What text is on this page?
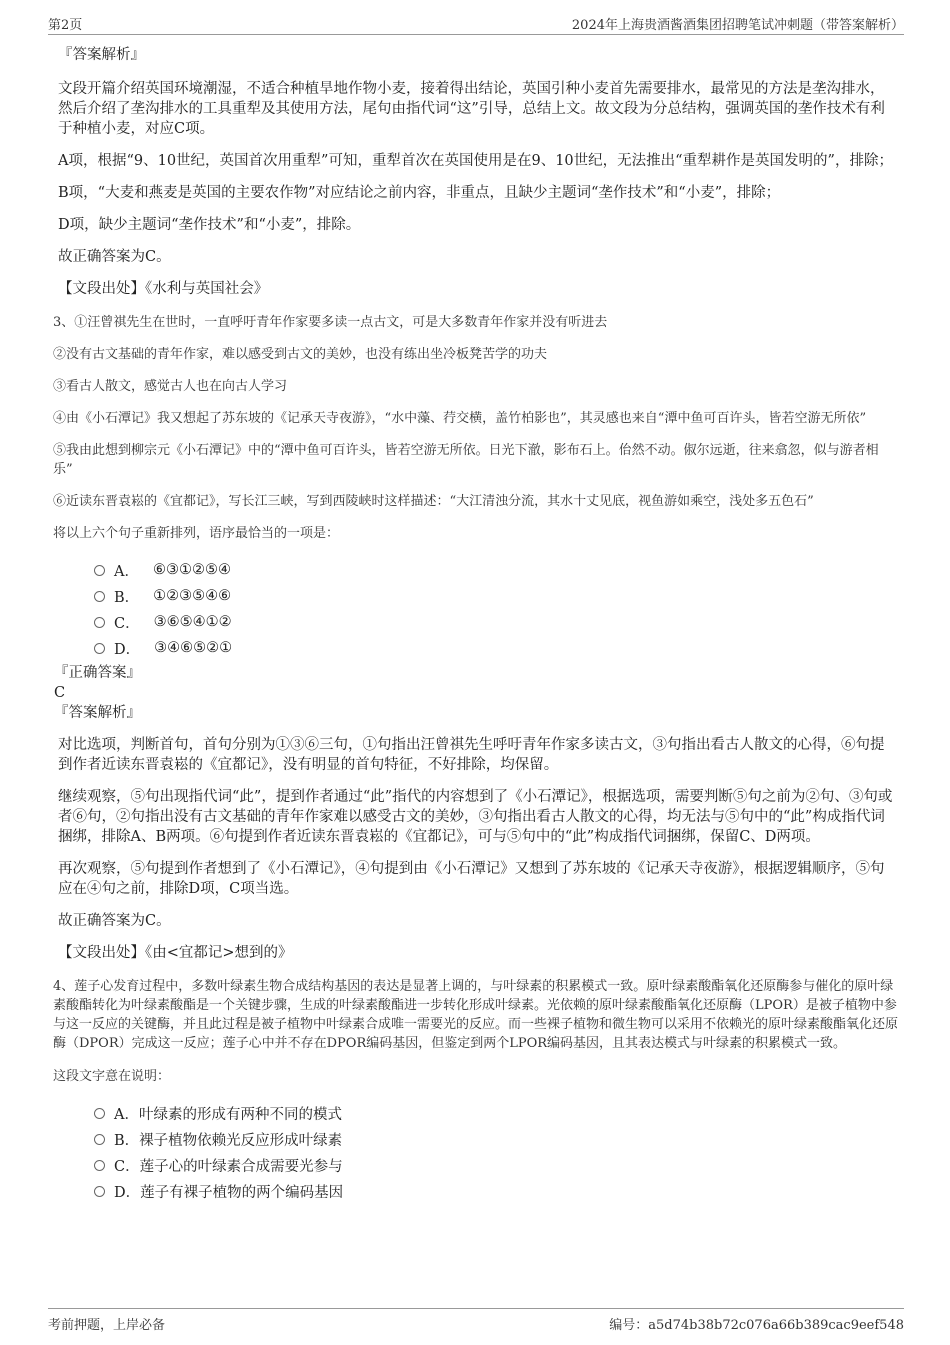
第2页	2024年上海贵酒酱酒集团招聘笔试冲刺题（带答案解析）

『答案解析』

文段开篇介绍英国环境潮湿，不适合种植旱地作物小麦，接着得出结论，英国引种小麦首先需要排水，最常见的方法是垄沟排水，然后介绍了垄沟排水的工具重犁及其使用方法，尾句由指代词“这”引导，总结上文。故文段为分总结构，强调英国的垄作技术有利于种植小麦，对应C项。

A项，根据“9、10世纪，英国首次用重犁”可知，重犁首次在英国使用是在9、10世纪，无法推出“重犁耕作是英国发明的”，排除；

B项，“大麦和燕麦是英国的主要农作物”对应结论之前内容，非重点，且缺少主题词“垄作技术”和“小麦”，排除；

D项，缺少主题词“垄作技术”和“小麦”，排除。

故正确答案为C。

【文段出处】《水利与英国社会》

3、①汪曾祺先生在世时，一直呼吁青年作家要多读一点古文，可是大多数青年作家并没有听进去

②没有古文基础的青年作家，难以感受到古文的美妙，也没有练出坐冷板凳苦学的功夫

③看古人散文，感觉古人也在向古人学习

④由《小石潭记》我又想起了苏东坡的《记承天寺夜游》，“水中藻、荇交横，盖竹柏影也”，其灵感也来自“潭中鱼可百许头，皆若空游无所依”

⑤我由此想到柳宗元《小石潭记》中的“潭中鱼可百许头，皆若空游无所依。日光下澈，影布石上。佁然不动。俶尔远逝，往来翕忽，似与游者相乐”

⑥近读东晋袁崧的《宜都记》，写长江三峡，写到西陵峡时这样描述：“大江清浊分流，其水十丈见底，视鱼游如乘空，浅处多五色石”

将以上六个句子重新排列，语序最恰当的一项是：

A． ⑥③①②⑤④
B． ①②③⑤④⑥
C． ③⑥⑤④①②
D． ③④⑥⑤②①

『正确答案』

C

『答案解析』

对比选项，判断首句，首句分别为①③⑥三句，①句指出汪曾祺先生呼吁青年作家多读古文，③句指出看古人散文的心得，⑥句提到作者近读东晋袁崧的《宜都记》，没有明显的首句特征，不好排除，均保留。

继续观察，⑤句出现指代词“此”，提到作者通过“此”指代的内容想到了《小石潭记》，根据选项，需要判断⑤句之前为②句、③句或者⑥句，②句指出没有古文基础的青年作家难以感受古文的美妙，③句指出看古人散文的心得，均无法与⑤句中的“此”构成指代词捆绑，排除A、B两项。⑥句提到作者近读东晋袁崧的《宜都记》，可与⑤句中的“此”构成指代词捆绑，保留C、D两项。

再次观察，⑤句提到作者想到了《小石潭记》，④句提到由《小石潭记》又想到了苏东坡的《记承天寺夜游》，根据逻辑顺序，⑤句应在④句之前，排除D项，C项当选。

故正确答案为C。

【文段出处】《由<宜都记>想到的》

4、莲子心发育过程中，多数叶绿素生物合成结构基因的表达是显著上调的，与叶绿素的积累模式一致。原叶绿素酸酯氧化还原酶参与催化的原叶绿素酸酯转化为叶绿素酸酯是一个关键步骤，生成的叶绿素酸酯进一步转化形成叶绿素。光依赖的原叶绿素酸酯氧化还原酶（LPOR）是被子植物中参与这一反应的关键酶，并且此过程是被子植物中叶绿素合成唯一需要光的反应。而一些裸子植物和微生物可以采用不依赖光的原叶绿素酸酯氧化还原酶（DPOR）完成这一反应；莲子心中并不存在DPOR编码基因，但鉴定到两个LPOR编码基因，且其表达模式与叶绿素的积累模式一致。

这段文字意在说明：

A． 叶绿素的形成有两种不同的模式
B． 裸子植物依赖光反应形成叶绿素
C． 莲子心的叶绿素合成需要光参与
D． 莲子有裸子植物的两个编码基因
考前押题，上岸必备	编号：a5d74b38b72c076a66b389cac9eef548
